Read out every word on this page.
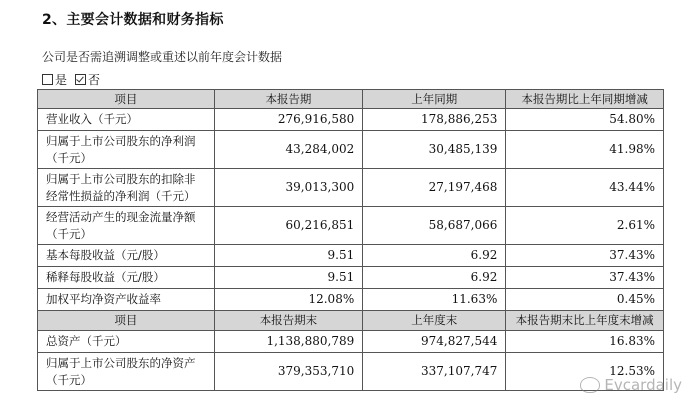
2、主要会计数据和财务指标
公司是否需追溯调整或重述以前年度会计数据
是 否
项目	本报告期	上年同期	本报告期比上年同期增减
营业收入（千元）	276,916,580	178,886,253	54.80%
归属于上市公司股东的净利润（千元）	43,284,002	30,485,139	41.98%
归属于上市公司股东的扣除非经常性损益的净利润（千元）	39,013,300	27,197,468	43.44%
经营活动产生的现金流量净额（千元）	60,216,851	58,687,066	2.61%
基本每股收益（元/股）	9.51	6.92	37.43%
稀释每股收益（元/股）	9.51	6.92	37.43%
加权平均净资产收益率	12.08%	11.63%	0.45%
项目	本报告期末	上年度末	本报告期末比上年度末增减
总资产（千元）	1,138,880,789	974,827,544	16.83%
归属于上市公司股东的净资产（千元）	379,353,710	337,107,747	12.53%
Evcardaily
